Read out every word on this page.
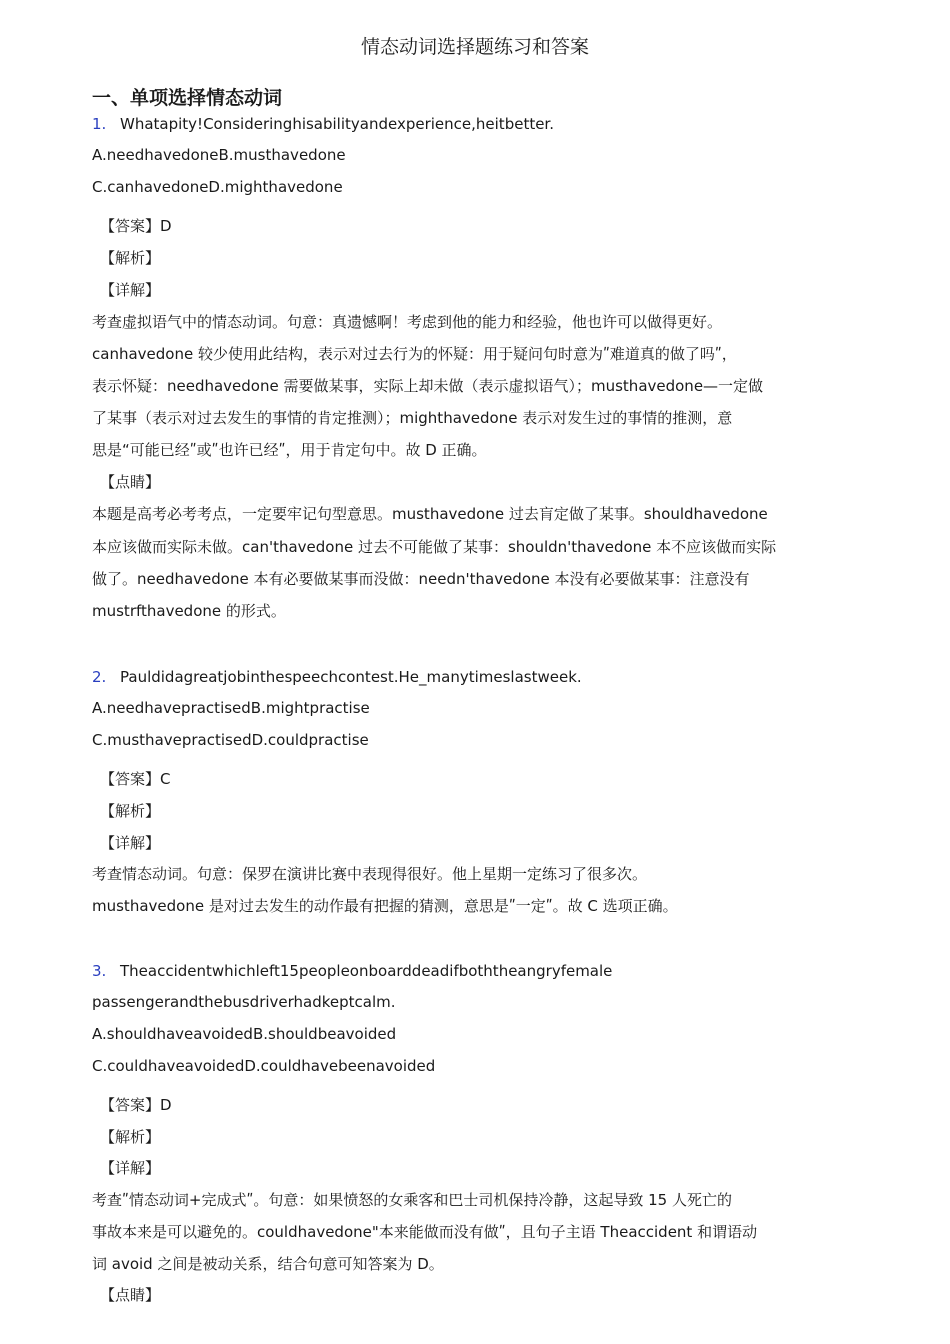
情态动词选择题练习和答案
一、单项选择情态动词
1. Whatapity!Consideringhisabilityandexperience,heitbetter.
A.needhavedoneB.musthavedone
C.canhavedoneD.mighthavedone
【答案】D
【解析】
【详解】
考查虚拟语气中的情态动词。句意：真遗憾啊！考虑到他的能力和经验，他也许可以做得更好。
canhavedone 较少使用此结构，表示对过去行为的怀疑：用于疑问句时意为ʺ难道真的做了吗ʺ，
表示怀疑：needhavedone 需要做某事，实际上却未做（表示虚拟语气）；musthavedone—一定做
了某事（表示对过去发生的事情的肯定推测）；mighthavedone 表示对发生过的事情的推测，意
思是“可能已经ʺ或ʺ也许已经ʺ，用于肯定句中。故 D 正确。
【点睛】
本题是高考必考考点，一定要牢记句型意思。musthavedone 过去肓定做了某事。shouldhavedone
本应该做而实际未做。can'thavedone 过去不可能做了某事：shouldn'thavedone 本不应该做而实际
做了。needhavedone 本有必要做某事而没做：needn'thavedone 本没有必要做某事：注意没有
mustrfthavedone 的形式。
2. Pauldidagreatjobinthespeechcontest.He_manytimeslastweek.
A.needhavepractisedB.mightpractise
C.musthavepractisedD.couldpractise
【答案】C
【解析】
【详解】
考查情态动词。句意：保罗在演讲比赛中表现得很好。他上星期一定练习了很多次。
musthavedone 是对过去发生的动作最有把握的猜测，意思是ʺ一定ʺ。故 C 选项正确。
3. Theaccidentwhichleft15peopleonboarddeadifboththeangryfemale
passengerandthebusdriverhadkeptcalm.
A.shouldhaveavoidedB.shouldbeavoided
C.couldhaveavoidedD.couldhavebeenavoided
【答案】D
【解析】
【详解】
考查ʺ情态动词+完成式ʺ。句意：如果愤怒的女乘客和巴士司机保持冷静，这起导致 15 人死亡的
事故本来是可以避免的。couldhavedone"本来能做而没有做ʺ，且句子主语 Theaccident 和谓语动
词 avoid 之间是被动关系，结合句意可知答案为 D。
【点睛】
